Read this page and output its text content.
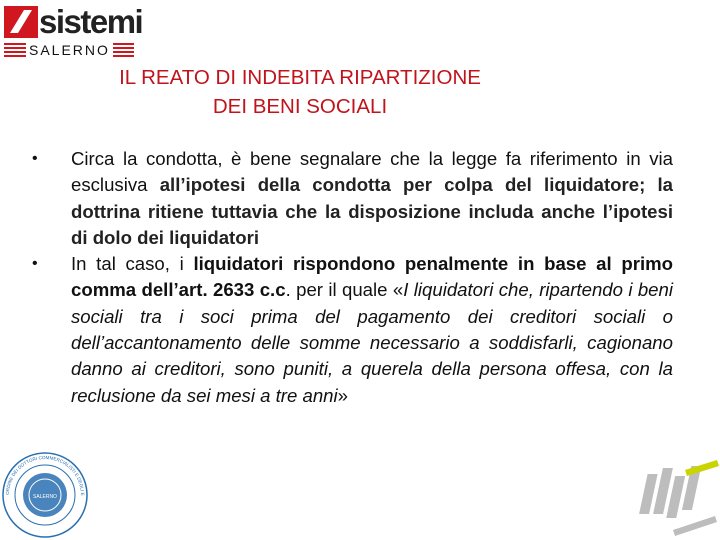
sistemi
SALERNO
IL REATO DI INDEBITA RIPARTIZIONE
DEI BENI SOCIALI
• Circa la condotta, è bene segnalare che la legge fa riferimento in via esclusiva all’ipotesi della condotta per colpa del liquidatore; la dottrina ritiene tuttavia che la disposizione includa anche l’ipotesi di dolo dei liquidatori

• In tal caso, i liquidatori rispondono penalmente in base al primo comma dell’art. 2633 c.c. per il quale «I liquidatori che, ripartendo i beni sociali tra i soci prima del pagamento dei creditori sociali o dell’accantonamento delle somme necessario a soddisfarli, cagionano danno ai creditori, sono puniti, a querela della persona offesa, con la reclusione da sei mesi a tre anni»

SALERNO
ORDINE DEI DOTTORI COMMERCIALISTI E DEGLI E
